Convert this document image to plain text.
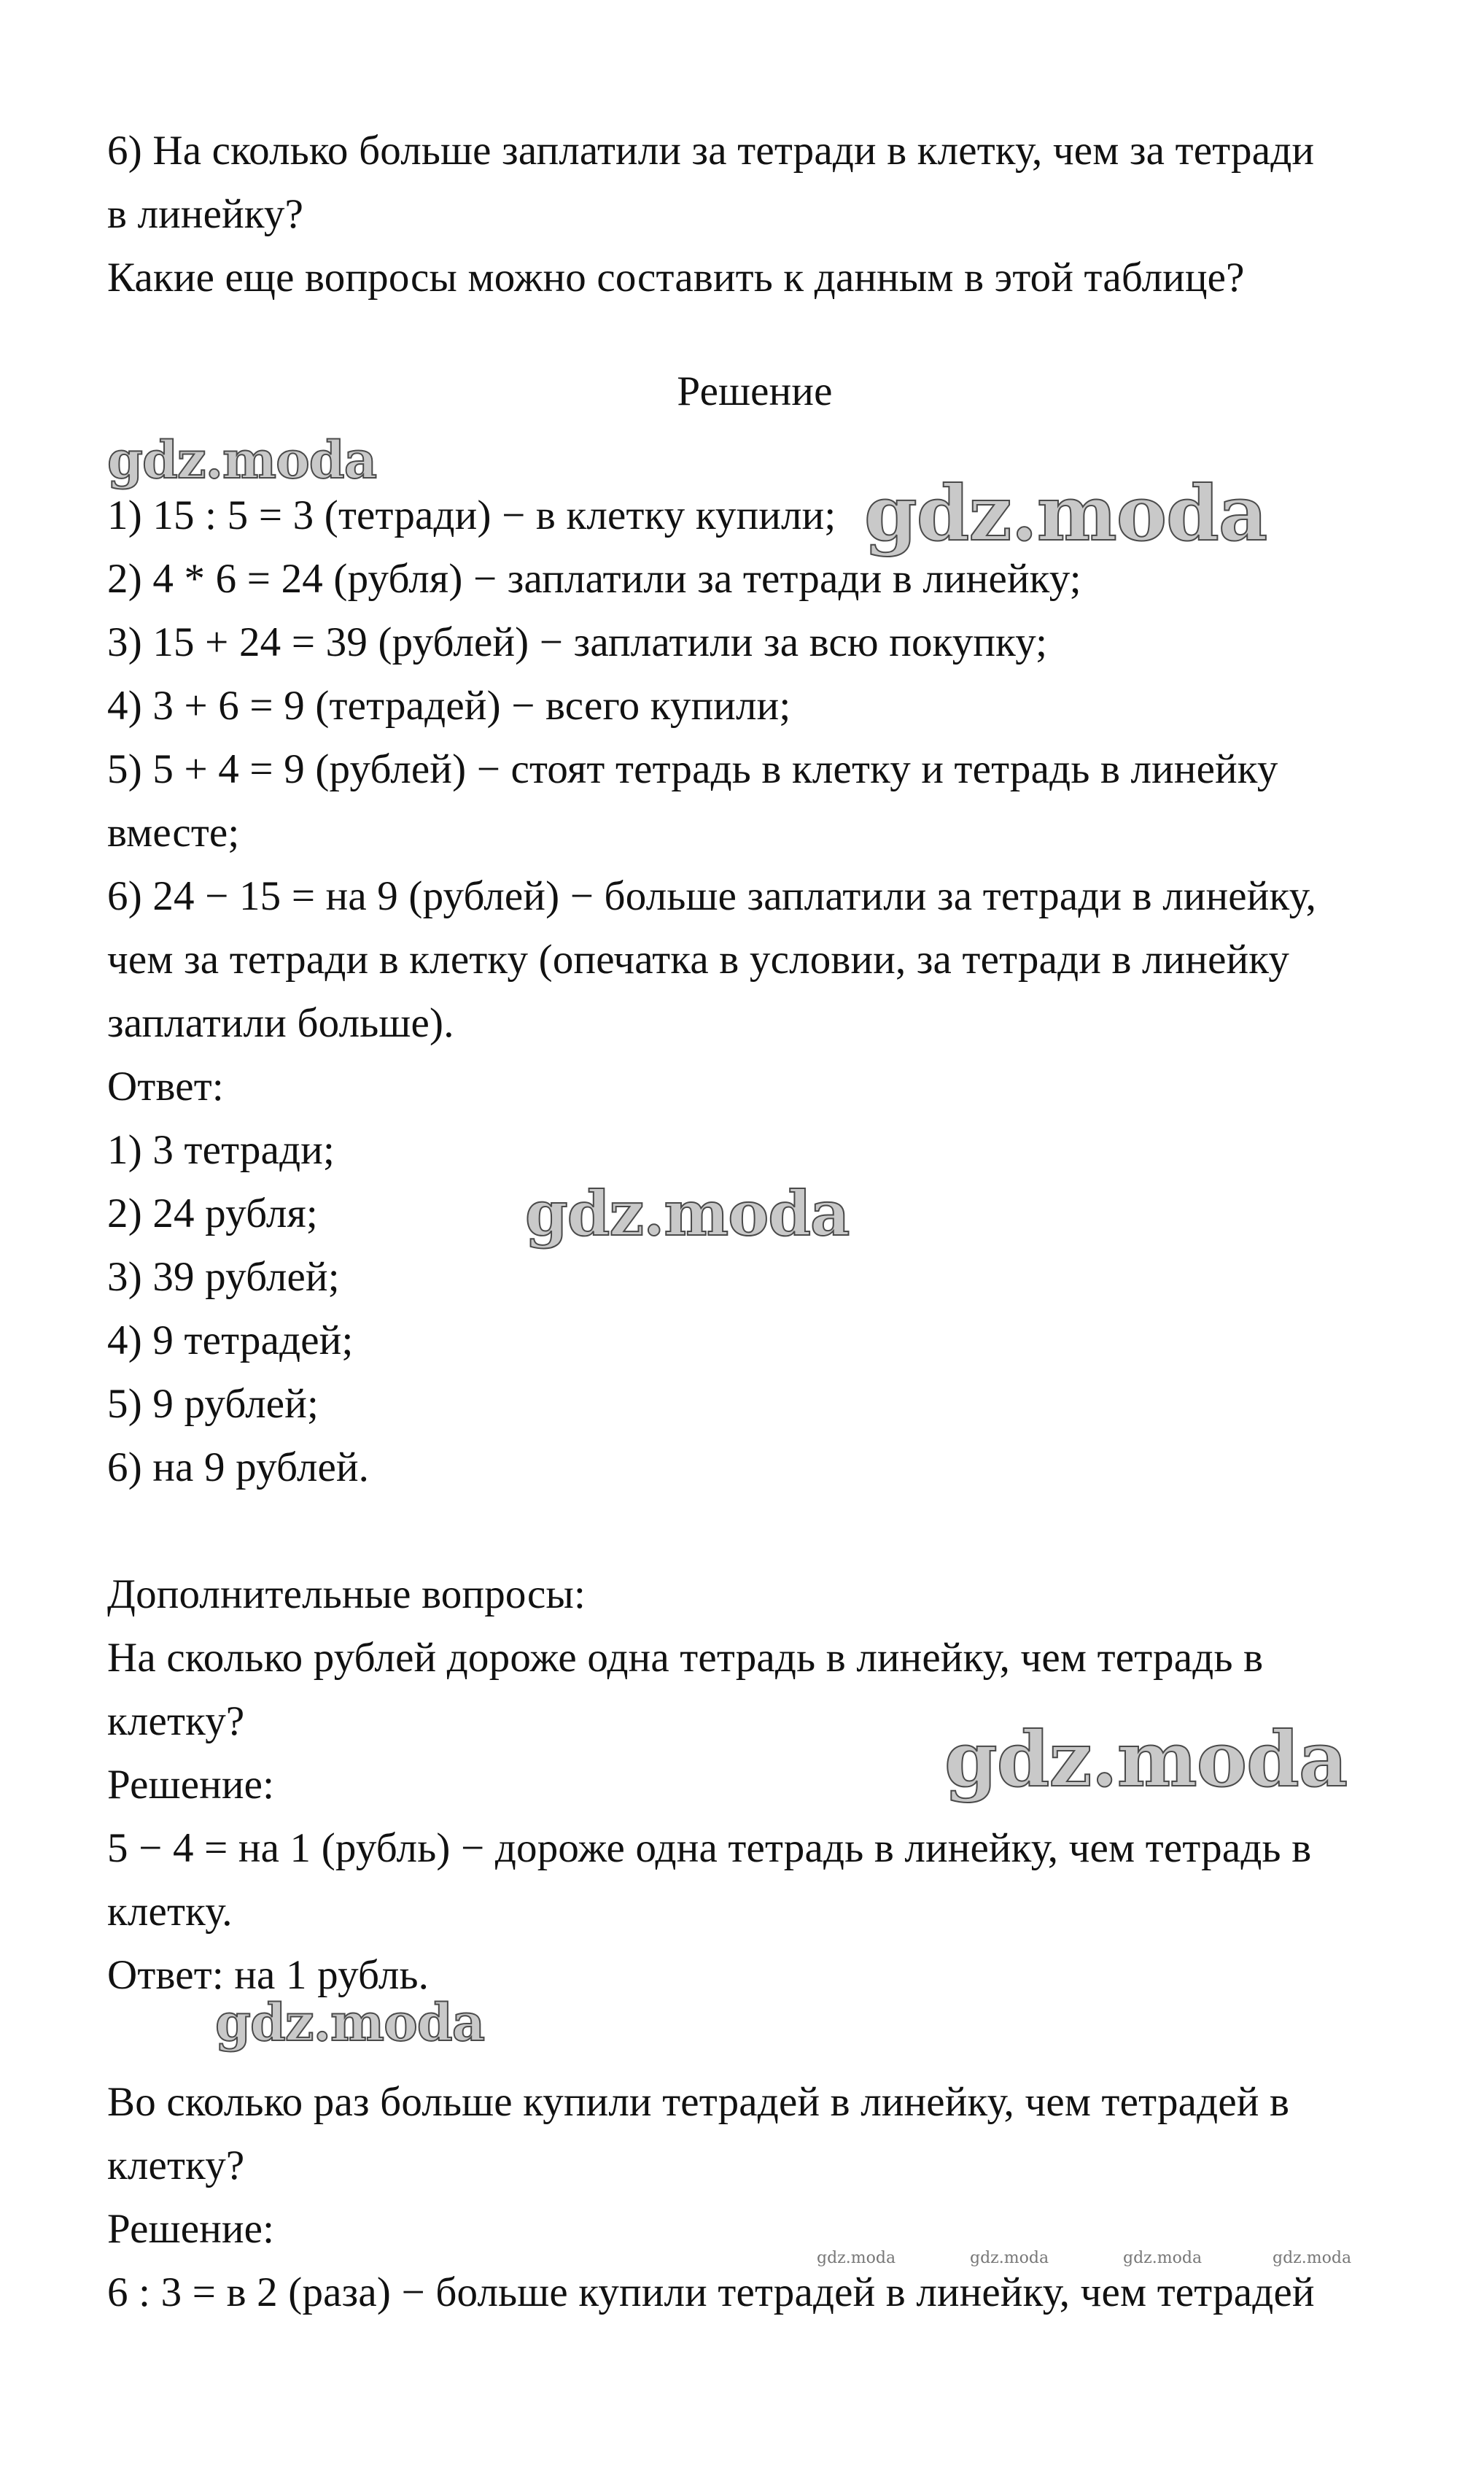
6) На сколько больше заплатили за тетради в клетку, чем за тетради
в линейку?
Какие еще вопросы можно составить к данным в этой таблице?
Решение
1) 15 : 5 = 3 (тетради) − в клетку купили;
2) 4 * 6 = 24 (рубля) − заплатили за тетради в линейку;
3) 15 + 24 = 39 (рублей) − заплатили за всю покупку;
4) 3 + 6 = 9 (тетрадей) − всего купили;
5) 5 + 4 = 9 (рублей) − стоят тетрадь в клетку и тетрадь в линейку
вместе;
6) 24 − 15 = на 9 (рублей) − больше заплатили за тетради в линейку,
чем за тетради в клетку (опечатка в условии, за тетради в линейку
заплатили больше).
Ответ:
1) 3 тетради;
2) 24 рубля;
3) 39 рублей;
4) 9 тетрадей;
5) 9 рублей;
6) на 9 рублей.
Дополнительные вопросы:
На сколько рублей дороже одна тетрадь в линейку, чем тетрадь в
клетку?
Решение:
5 − 4 = на 1 (рубль) − дороже одна тетрадь в линейку, чем тетрадь в
клетку.
Ответ: на 1 рубль.
Во сколько раз больше купили тетрадей в линейку, чем тетрадей в
клетку?
Решение:
6 : 3 = в 2 (раза) − больше купили тетрадей в линейку, чем тетрадей
gdz.moda
gdz.moda
gdz.moda
gdz.moda
gdz.moda
gdz.moda	gdz.moda	gdz.moda	gdz.moda
